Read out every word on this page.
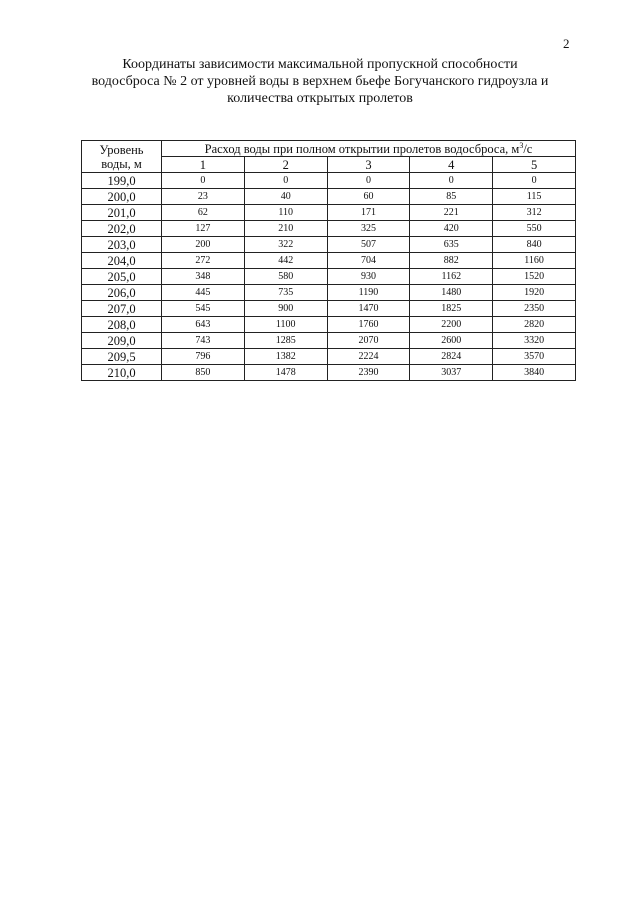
2
Координаты зависимости максимальной пропускной способности
водосброса № 2 от уровней воды в верхнем бьефе Богучанского гидроузла и
количества открытых пролетов
Уровень
воды, м	Расход воды при полном открытии пролетов водосброса, $м^3/с$				
	1	2	3	4	5
199,0	0	0	0	0	0
200,0	23	40	60	85	115
201,0	62	110	171	221	312
202,0	127	210	325	420	550
203,0	200	322	507	635	840
204,0	272	442	704	882	1160
205,0	348	580	930	1162	1520
206,0	445	735	1190	1480	1920
207,0	545	900	1470	1825	2350
208,0	643	1100	1760	2200	2820
209,0	743	1285	2070	2600	3320
209,5	796	1382	2224	2824	3570
210,0	850	1478	2390	3037	3840
